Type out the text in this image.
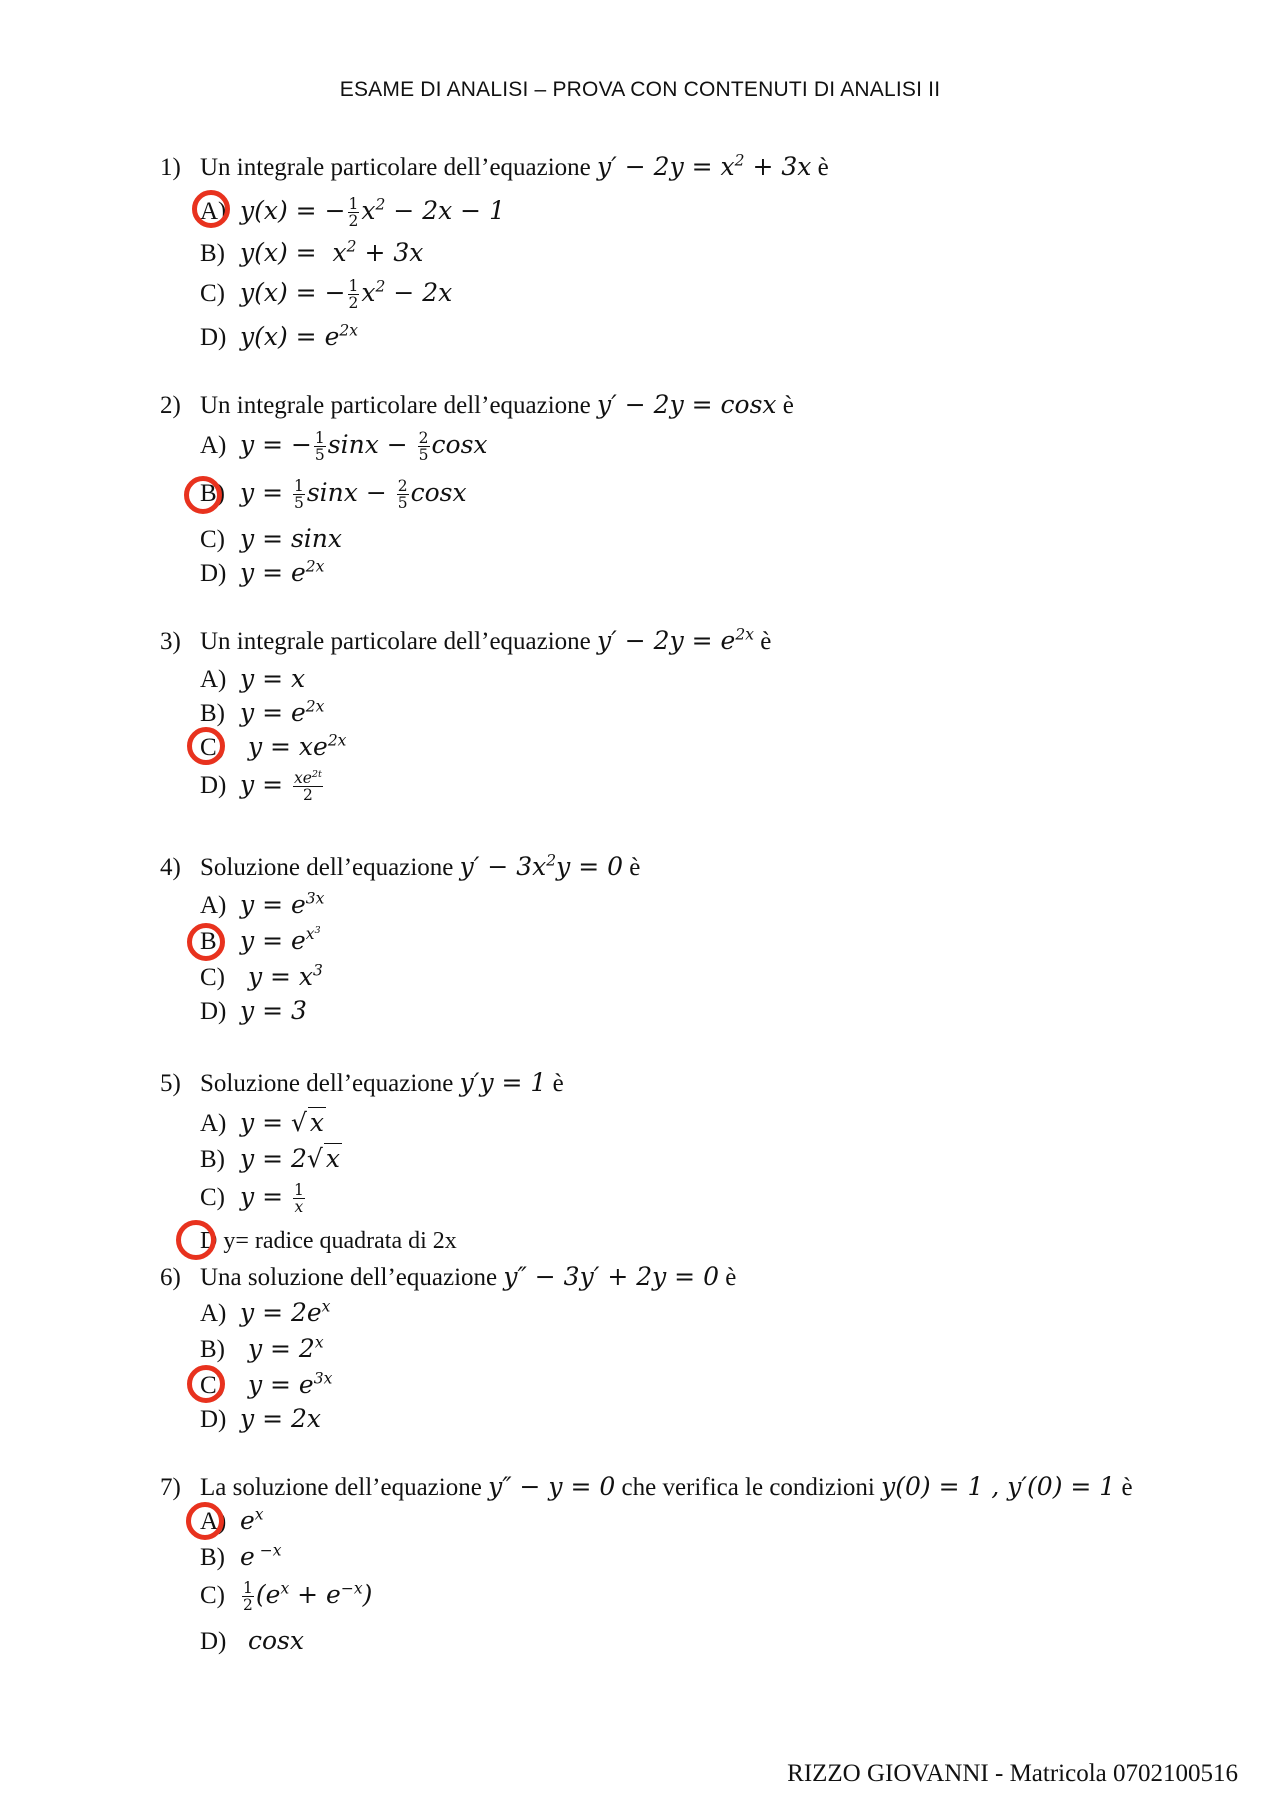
ESAME DI ANALISI – PROVA CON CONTENUTI DI ANALISI II
1) Un integrale particolare dell’equazione $y' - 2y = x^2 + 3x$ è
A) y(x) = − $\frac{1}{2} x^2 - 2x - 1$
B) $y(x) = x^2 + 3x$
C) y(x) = − $\frac{1}{2} x^2 - 2x$
D) $y(x) = e^{2x}$
2) Un integrale particolare dell’equazione y′ − 2y = cosx è
A) y = − $\frac{1}{5}$ $\sin x - \frac{2}{5}$ cosx
B) $y = \frac{1}{5}$ $\sin x - \frac{2}{5}$ cosx
C) y = sinx
D) $y = e^{2x}$
3) Un integrale particolare dell’equazione $y' - 2y = e^{2x}$ è
A) y = x
B) $y = e^{2x}$
C) $y = xe^{2x}$
D) $y = \frac{xe^{2t}}{2}$
4) Soluzione dell’equazione $y' - 3x^2y = 0$ è
A) $y = e^{3x}$
B) $y = e^{x^3}$
C) $y = x^3$
D) y = 3
5) Soluzione dell’equazione y′y = 1 è
A) y = √ x
B) y = 2√ x
C) $y = \frac{1}{x}$
D y= radice quadrata di 2x
6) Una soluzione dell’equazione y″ − 3y′ + 2y = 0 è
A) $y = 2e^x$
B) $y = 2^x$
C) $y = e^{3x}$
D) y = 2x
7) La soluzione dell’equazione y″ − y = 0 che verifica le condizioni y(0) = 1 , y′(0) = 1 è
A) $e^x$
B) e $^{-x}$
$C) \frac{1}{2} (e^x + e^{-x})$
D) cosx
RIZZO GIOVANNI - Matricola 0702100516
